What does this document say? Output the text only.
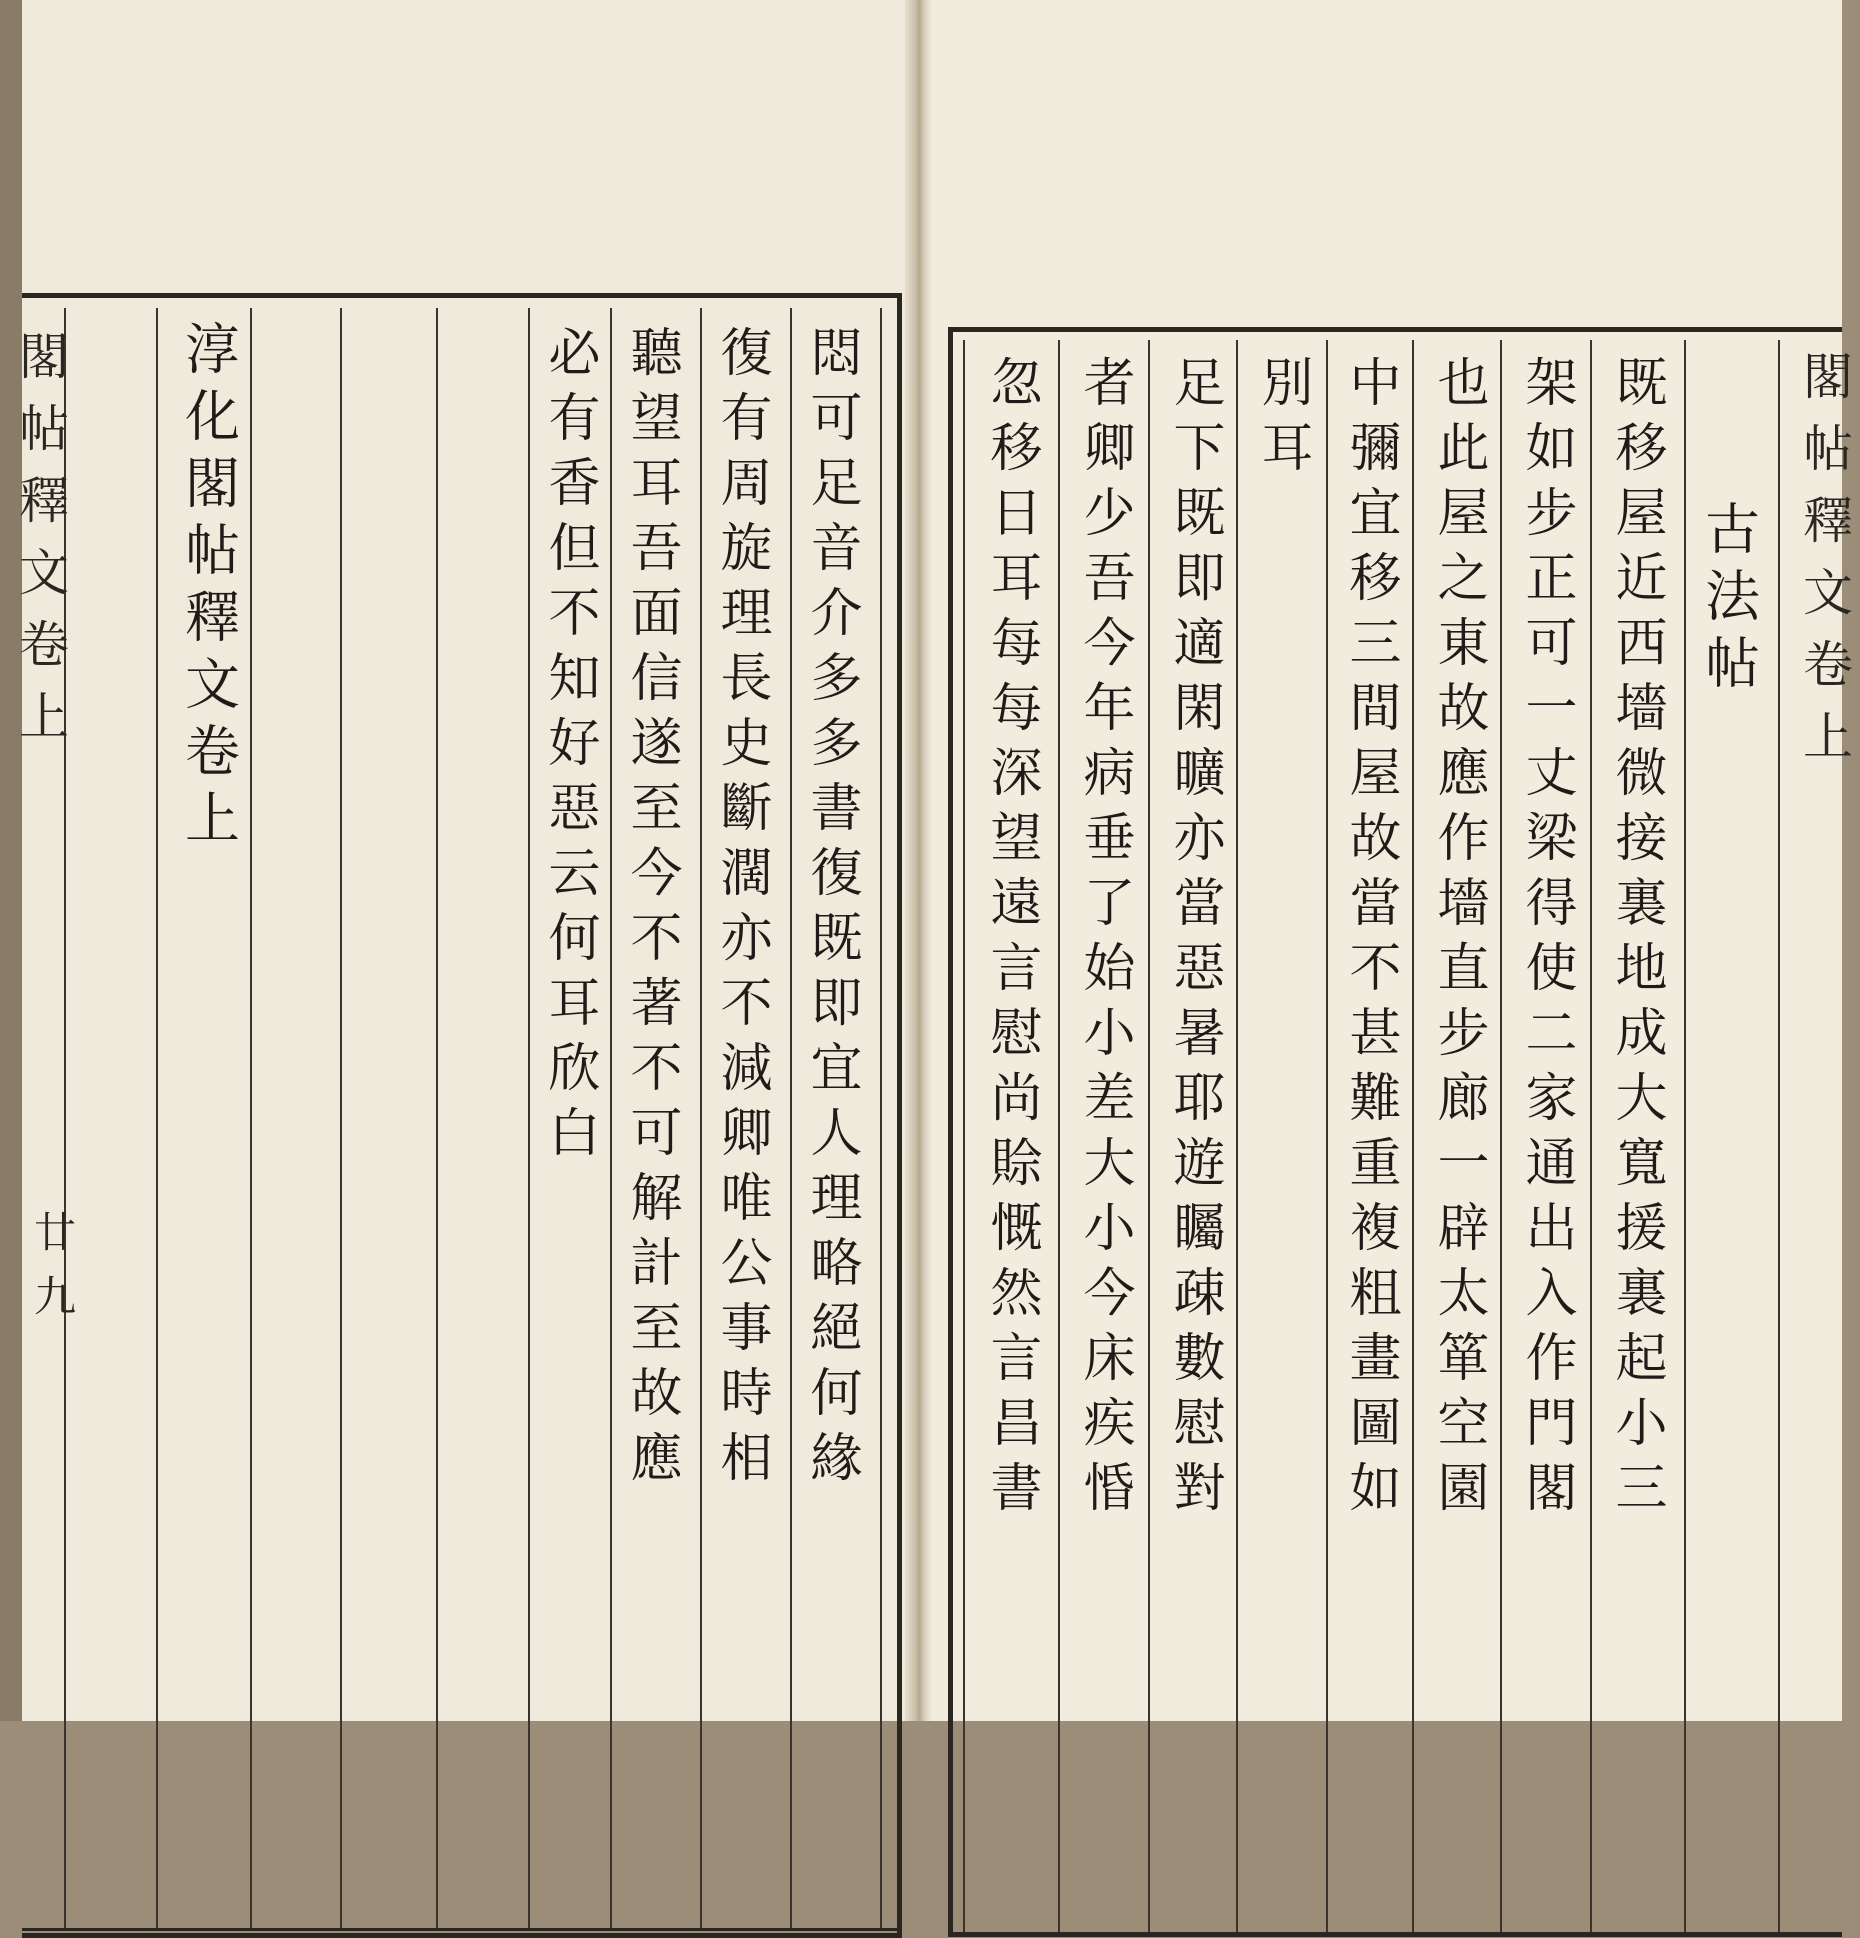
閣帖釋文卷上
廿九
淳化閣帖釋文卷上	悶可足音介多多書復既即宜人理略絕何緣
復有周旋理長史斷濶亦不減卿唯公事時相
聽望耳吾面信遂至今不著不可解計至故應
必有香但不知好惡云何耳欣白	閣帖釋文卷上
古法帖
既移屋近西墻微接裏地成大寬援裏起小三
架如步正可一丈梁得使二家通出入作門閣
也此屋之東故應作墻直步廊一辟太箪空園
中彌宜移三間屋故當不甚難重複粗畫圖如
別耳
足下既即適閑曠亦當惡暑耶遊矚疎數慰對
者卿少吾今年病垂了始小差大小今床疾惛
忽移日耳每每深望遠言慰尚賒慨然言昌書
